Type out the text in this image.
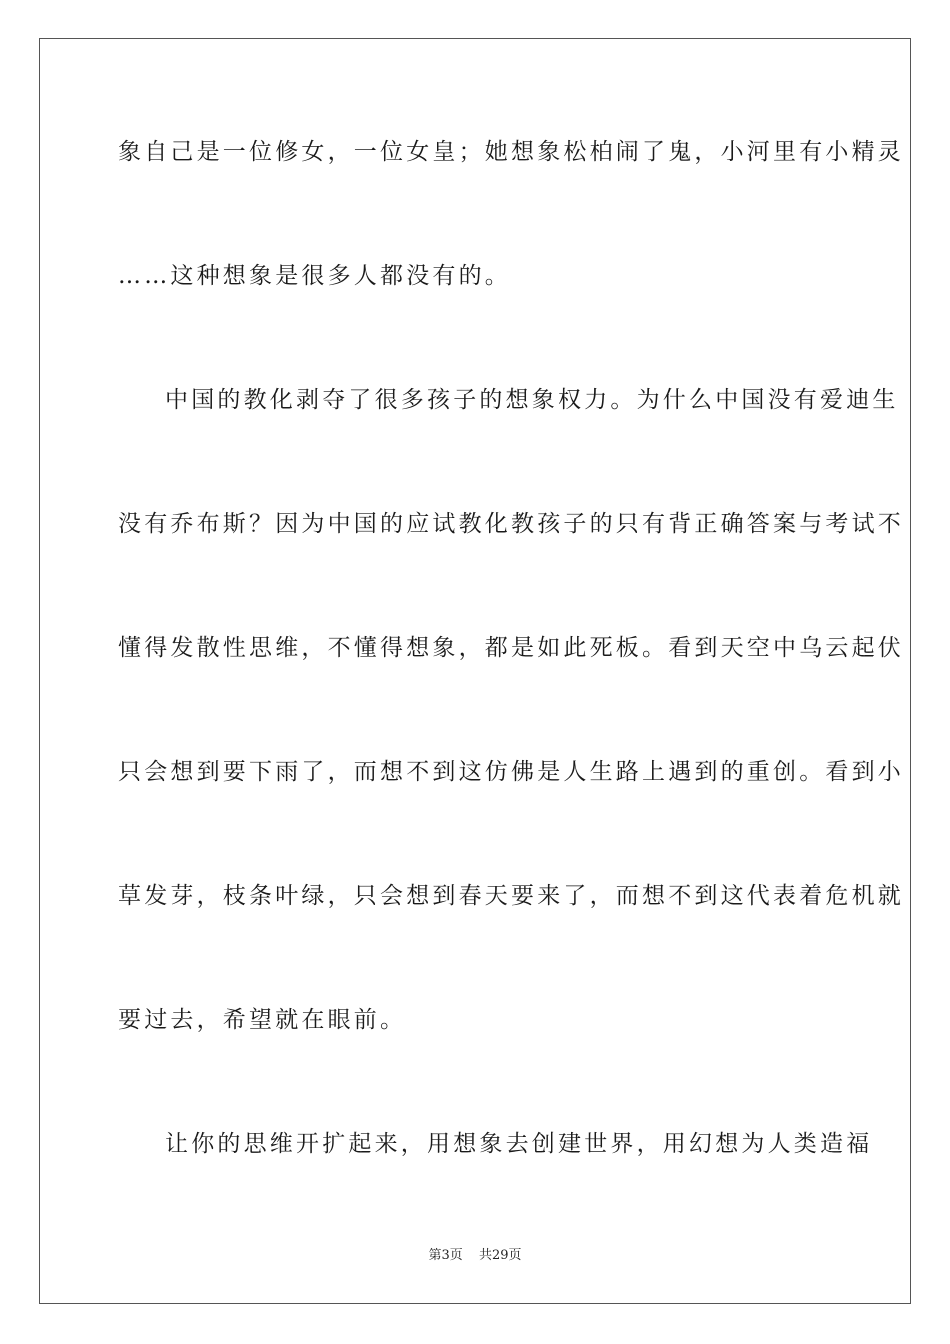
象自己是一位修女，一位女皇；她想象松柏闹了鬼，小河里有小精灵
……这种想象是很多人都没有的。
中国的教化剥夺了很多孩子的想象权力。为什么中国没有爱迪生
没有乔布斯？因为中国的应试教化教孩子的只有背正确答案与考试不
懂得发散性思维，不懂得想象，都是如此死板。看到天空中乌云起伏
只会想到要下雨了，而想不到这仿佛是人生路上遇到的重创。看到小
草发芽，枝条叶绿，只会想到春天要来了，而想不到这代表着危机就
要过去，希望就在眼前。
让你的思维开扩起来，用想象去创建世界，用幻想为人类造福
第3页 共29页
